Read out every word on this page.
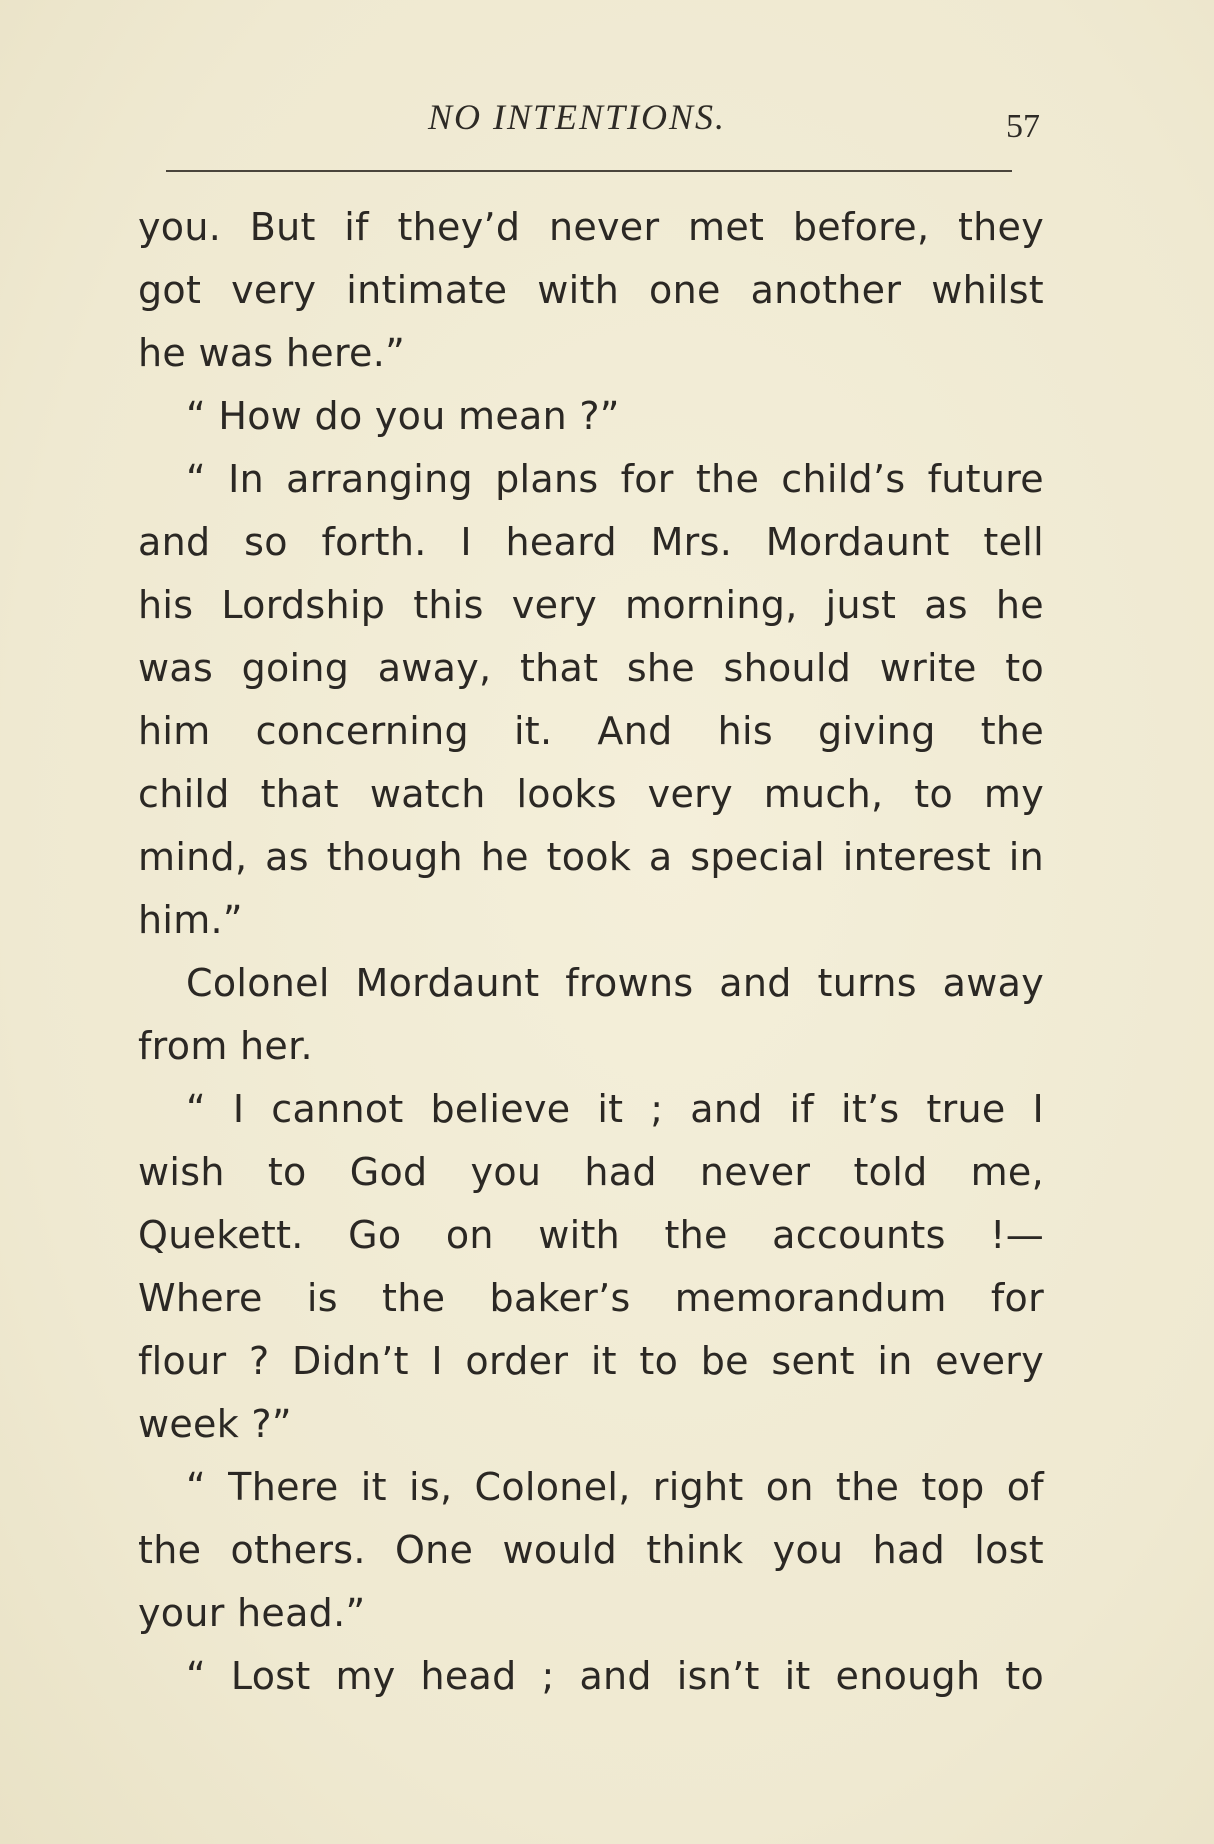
NO INTENTIONS.	57
you. But if they’d never met before, they
got very intimate with one another whilst
he was here.”
“ How do you mean ?”
“ In arranging plans for the child’s future
and so forth. I heard Mrs. Mordaunt tell
his Lordship this very morning, just as he
was going away, that she should write to
him concerning it. And his giving the
child that watch looks very much, to my
mind, as though he took a special interest in
him.”
Colonel Mordaunt frowns and turns away
from her.
“ I cannot believe it ; and if it’s true I
wish to God you had never told me,
Quekett. Go on with the accounts !—
Where is the baker’s memorandum for
flour ? Didn’t I order it to be sent in every
week ?”
“ There it is, Colonel, right on the top of
the others. One would think you had lost
your head.”
“ Lost my head ; and isn’t it enough to
